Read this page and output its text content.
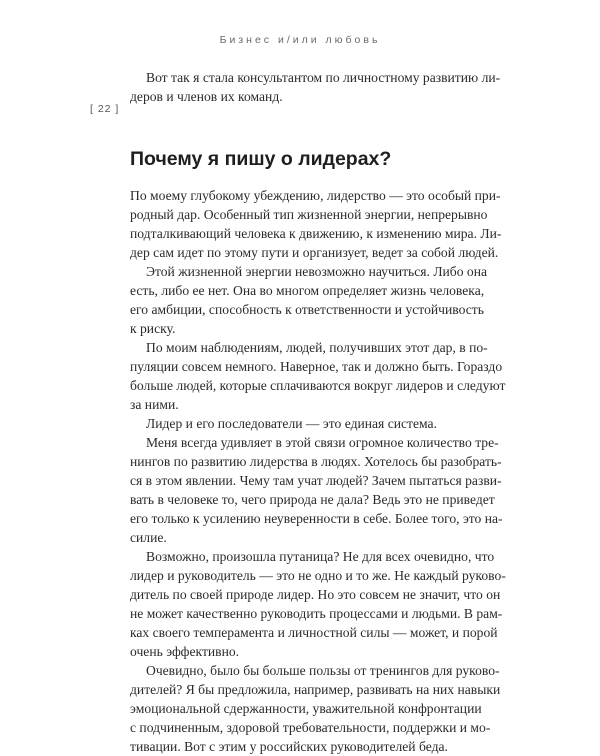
Бизнес и/или любовь
[ 22 ]
Вот так я стала консультантом по личностному развитию ли-
деров и членов их команд.
Почему я пишу о лидерах?
По моему глубокому убеждению, лидерство — это особый при-
родный дар. Особенный тип жизненной энергии, непрерывно
подталкивающий человека к движению, к изменению мира. Ли-
дер сам идет по этому пути и организует, ведет за собой людей.
Этой жизненной энергии невозможно научиться. Либо она
есть, либо ее нет. Она во многом определяет жизнь человека,
его амбиции, способность к ответственности и устойчивость
к риску.
По моим наблюдениям, людей, получивших этот дар, в по-
пуляции совсем немного. Наверное, так и должно быть. Гораздо
больше людей, которые сплачиваются вокруг лидеров и следуют
за ними.
Лидер и его последователи — это единая система.
Меня всегда удивляет в этой связи огромное количество тре-
нингов по развитию лидерства в людях. Хотелось бы разобрать-
ся в этом явлении. Чему там учат людей? Зачем пытаться разви-
вать в человеке то, чего природа не дала? Ведь это не приведет
его только к усилению неуверенности в себе. Более того, это на-
силие.
Возможно, произошла путаница? Не для всех очевидно, что
лидер и руководитель — это не одно и то же. Не каждый руково-
дитель по своей природе лидер. Но это совсем не значит, что он
не может качественно руководить процессами и людьми. В рам-
ках своего темперамента и личностной силы — может, и порой
очень эффективно.
Очевидно, было бы больше пользы от тренингов для руково-
дителей? Я бы предложила, например, развивать на них навыки
эмоциональной сдержанности, уважительной конфронтации
с подчиненным, здоровой требовательности, поддержки и мо-
тивации. Вот с этим у российских руководителей беда.
